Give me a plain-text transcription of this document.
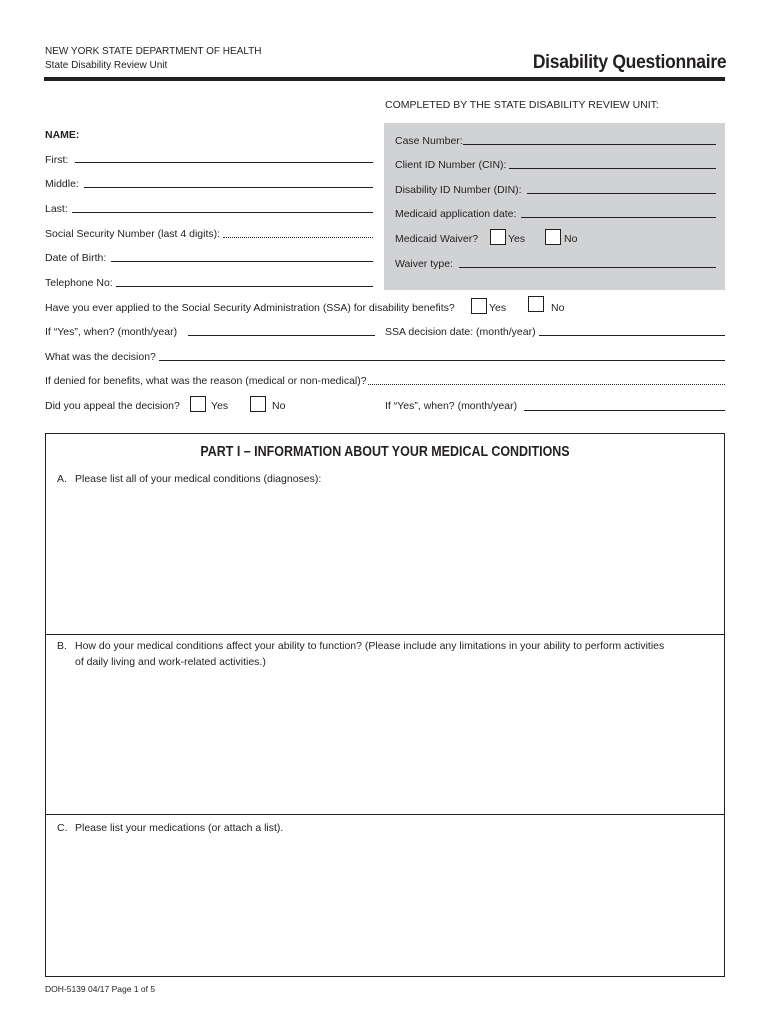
NEW YORK STATE DEPARTMENT OF HEALTH
State Disability Review Unit	Disability Questionnaire
COMPLETED BY THE STATE DISABILITY REVIEW UNIT:
Case Number:
Client ID Number (CIN):
Disability ID Number (DIN):
Medicaid application date:
Medicaid Waiver?	Yes	No
Waiver type:
NAME:
First:
Middle:
Last:
Social Security Number (last 4 digits):
Date of Birth:
Telephone No:
Have you ever applied to the Social Security Administration (SSA) for disability benefits?	Yes	No
If “Yes”, when? (month/year)	SSA decision date: (month/year)
What was the decision?
If denied for benefits, what was the reason (medical or non-medical)?
Did you appeal the decision?	Yes	No	If “Yes”, when? (month/year)
PART I – INFORMATION ABOUT YOUR MEDICAL CONDITIONS
A. Please list all of your medical conditions (diagnoses):
B. How do your medical conditions affect your ability to function? (Please include any limitations in your ability to perform activities
of daily living and work-related activities.)
C. Please list your medications (or attach a list).
DOH-5139 04/17 Page 1 of 5
